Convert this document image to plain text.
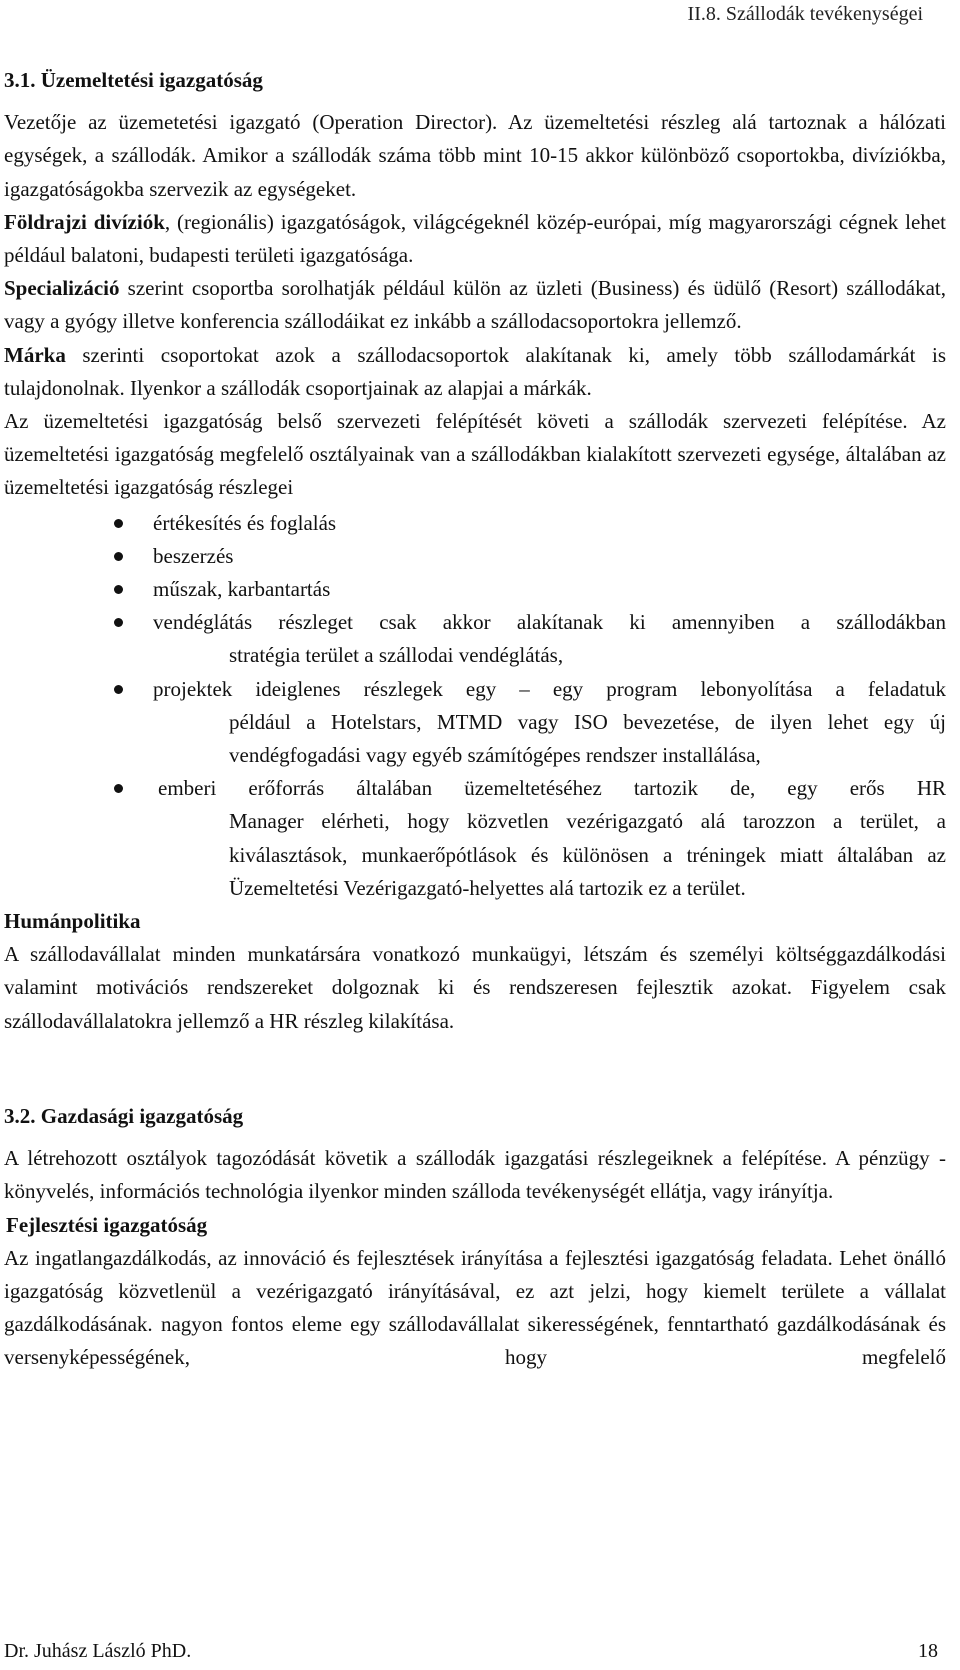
II.8. Szállodák tevékenységei

3.1. Üzemeltetési igazgatóság

Vezetője az üzemetetési igazgató (Operation Director). Az üzemeltetési részleg alá tartoznak a hálózati egységek, a szállodák. Amikor a szállodák száma több mint 10-15 akkor különböző csoportokba, divíziókba, igazgatóságokba szervezik az egységeket.

Földrajzi divíziók, (regionális) igazgatóságok, világcégeknél közép-európai, míg magyarországi cégnek lehet például balatoni, budapesti területi igazgatósága.

Specializáció szerint csoportba sorolhatják például külön az üzleti (Business) és üdülő (Resort) szállodákat, vagy a gyógy illetve konferencia szállodáikat ez inkább a szállodacsoportokra jellemző.

Márka szerinti csoportokat azok a szállodacsoportok alakítanak ki, amely több szállodamárkát is tulajdonolnak. Ilyenkor a szállodák csoportjainak az alapjai a márkák.

Az üzemeltetési igazgatóság belső szervezeti felépítését követi a szállodák szervezeti felépítése. Az üzemeltetési igazgatóság megfelelő osztályainak van a szállodákban kialakított szervezeti egysége, általában az üzemeltetési igazgatóság részlegei

értékesítés és foglalás
beszerzés
műszak, karbantartás
vendéglátás részleget csak akkor alakítanak ki amennyiben a szállodákban
stratégia terület a szállodai vendéglátás,
projektek ideiglenes részlegek egy – egy program lebonyolítása a feladatuk
például a Hotelstars, MTMD vagy ISO bevezetése, de ilyen lehet egy új vendégfogadási vagy egyéb számítógépes rendszer installálása,
emberi erőforrás általában üzemeltetéséhez tartozik de, egy erős HR
Manager elérheti, hogy közvetlen vezérigazgató alá tarozzon a terület, a kiválasztások, munkaerőpótlások és különösen a tréningek miatt általában az Üzemeltetési Vezérigazgató-helyettes alá tartozik ez a terület.

Humánpolitika

A szállodavállalat minden munkatársára vonatkozó munkaügyi, létszám és személyi költséggazdálkodási valamint motivációs rendszereket dolgoznak ki és rendszeresen fejlesztik azokat. Figyelem csak szállodavállalatokra jellemző a HR részleg kilakítása.

3.2. Gazdasági igazgatóság

A létrehozott osztályok tagozódását követik a szállodák igazgatási részlegeiknek a felépítése. A pénzügy - könyvelés, információs technológia ilyenkor minden szálloda tevékenységét ellátja, vagy irányítja.

Fejlesztési igazgatóság

Az ingatlangazdálkodás, az innováció és fejlesztések irányítása a fejlesztési igazgatóság feladata. Lehet önálló igazgatóság közvetlenül a vezérigazgató irányításával, ez azt jelzi, hogy kiemelt területe a vállalat gazdálkodásának. nagyon fontos eleme egy szállodavállalat sikerességének, fenntartható gazdálkodásának és versenyképességének, hogy megfelelő

Dr. Juhász László PhD.	18
